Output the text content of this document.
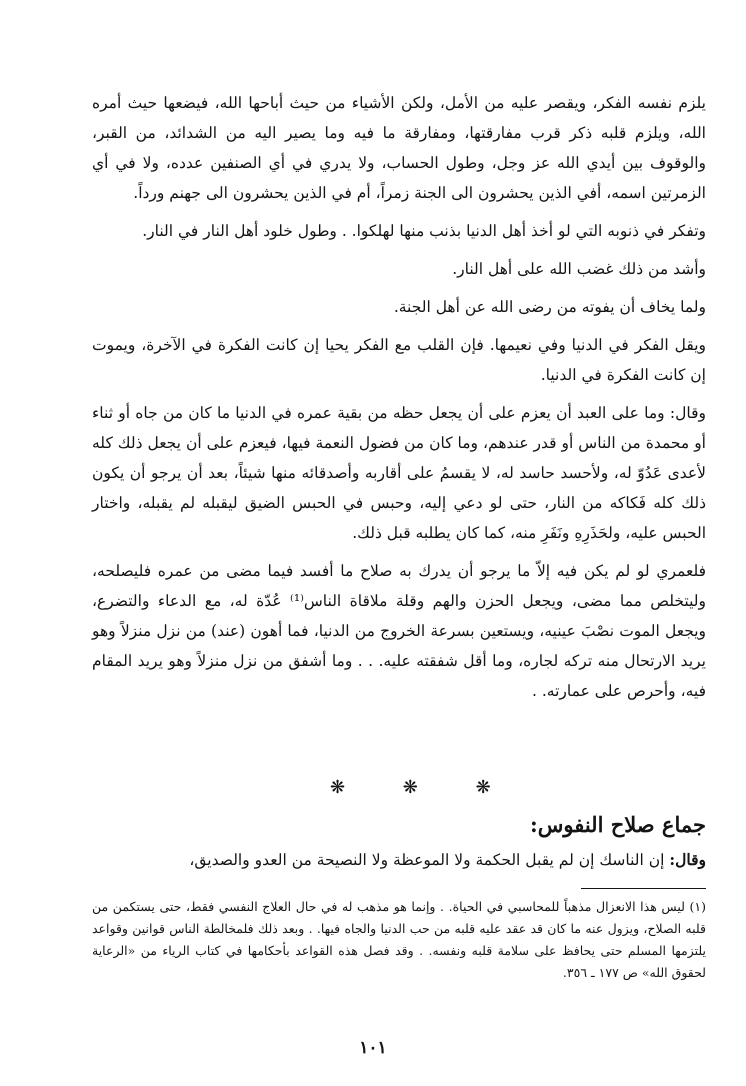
يلزم نفسه الفكر، ويقصر عليه من الأمل، ولكن الأشياء من حيث أباحها الله، فيضعها حيث أمره الله، ويلزم قلبه ذكر قرب مفارقتها، ومفارقة ما فيه وما يصير اليه من الشدائد، من القبر، والوقوف بين أيدي الله عز وجل، وطول الحساب، ولا يدري في أي الصنفين عدده، ولا في أي الزمرتين اسمه، أفي الذين يحشرون الى الجنة زمراً، أم في الذين يحشرون الى جهنم ورداً.

وتفكر في ذنوبه التي لو أخذ أهل الدنيا بذنب منها لهلكوا. . وطول خلود أهل النار في النار.

وأشد من ذلك غضب الله على أهل النار.

ولما يخاف أن يفوته من رضى الله عن أهل الجنة.

ويقل الفكر في الدنيا وفي نعيمها. فإن القلب مع الفكر يحيا إن كانت الفكرة في الآخرة، ويموت إن كانت الفكرة في الدنيا.

وقال: وما على العبد أن يعزم على أن يجعل حظه من بقية عمره في الدنيا ما كان من جاه أو ثناء أو محمدة من الناس أو قدر عندهم، وما كان من فضول النعمة فيها، فيعزم على أن يجعل ذلك كله لأعدى عَدُوّ له، ولأحسد حاسد له، لا يقسمُ على أقاربه وأصدقائه منها شيئاً، بعد أن يرجو أن يكون ذلك كله فَكاكه من النار، حتى لو دعي إليه، وحبس في الحبس الضيق ليقبله لم يقبله، واختار الحبس عليه، ولحَذَرِهِ ونَفَرِ منه، كما كان يطلبه قبل ذلك.

فلعمري لو لم يكن فيه إلاّ ما يرجو أن يدرك به صلاح ما أفسد فيما مضى من عمره فليصلحه، وليتخلص مما مضى، ويجعل الحزن والهم وقلة ملاقاة الناس⁽¹⁾ عُدّة له، مع الدعاء والتضرع، ويجعل الموت نصْبَ عينيه، ويستعين بسرعة الخروج من الدنيا، فما أهون (عند) من نزل منزلاً وهو يريد الارتحال منه تركه لجاره، وما أقل شفقته عليه. . . وما أشفق من نزل منزلاً وهو يريد المقام فيه، وأحرص على عمارته. .

❋ ❋ ❋
جماع صلاح النفوس:
وقال: إن الناسك إن لم يقبل الحكمة ولا الموعظة ولا النصيحة من العدو والصديق،
(١) ليس هذا الانعزال مذهباً للمحاسبي في الحياة. . وإنما هو مذهب له في حال العلاج النفسي فقط، حتى يستكمن من قلبه الصلاح، ويزول عنه ما كان قد عقد عليه قلبه من حب الدنيا والجاه فيها. . وبعد ذلك فلمخالطة الناس قوانين وقواعد يلتزمها المسلم حتى يحافظ على سلامة قلبه ونفسه. . وقد فصل هذه القواعد بأحكامها في كتاب الرياء من «الرعاية لحقوق الله» ص ١٧٧ ـ ٣٥٦.
١٠١
